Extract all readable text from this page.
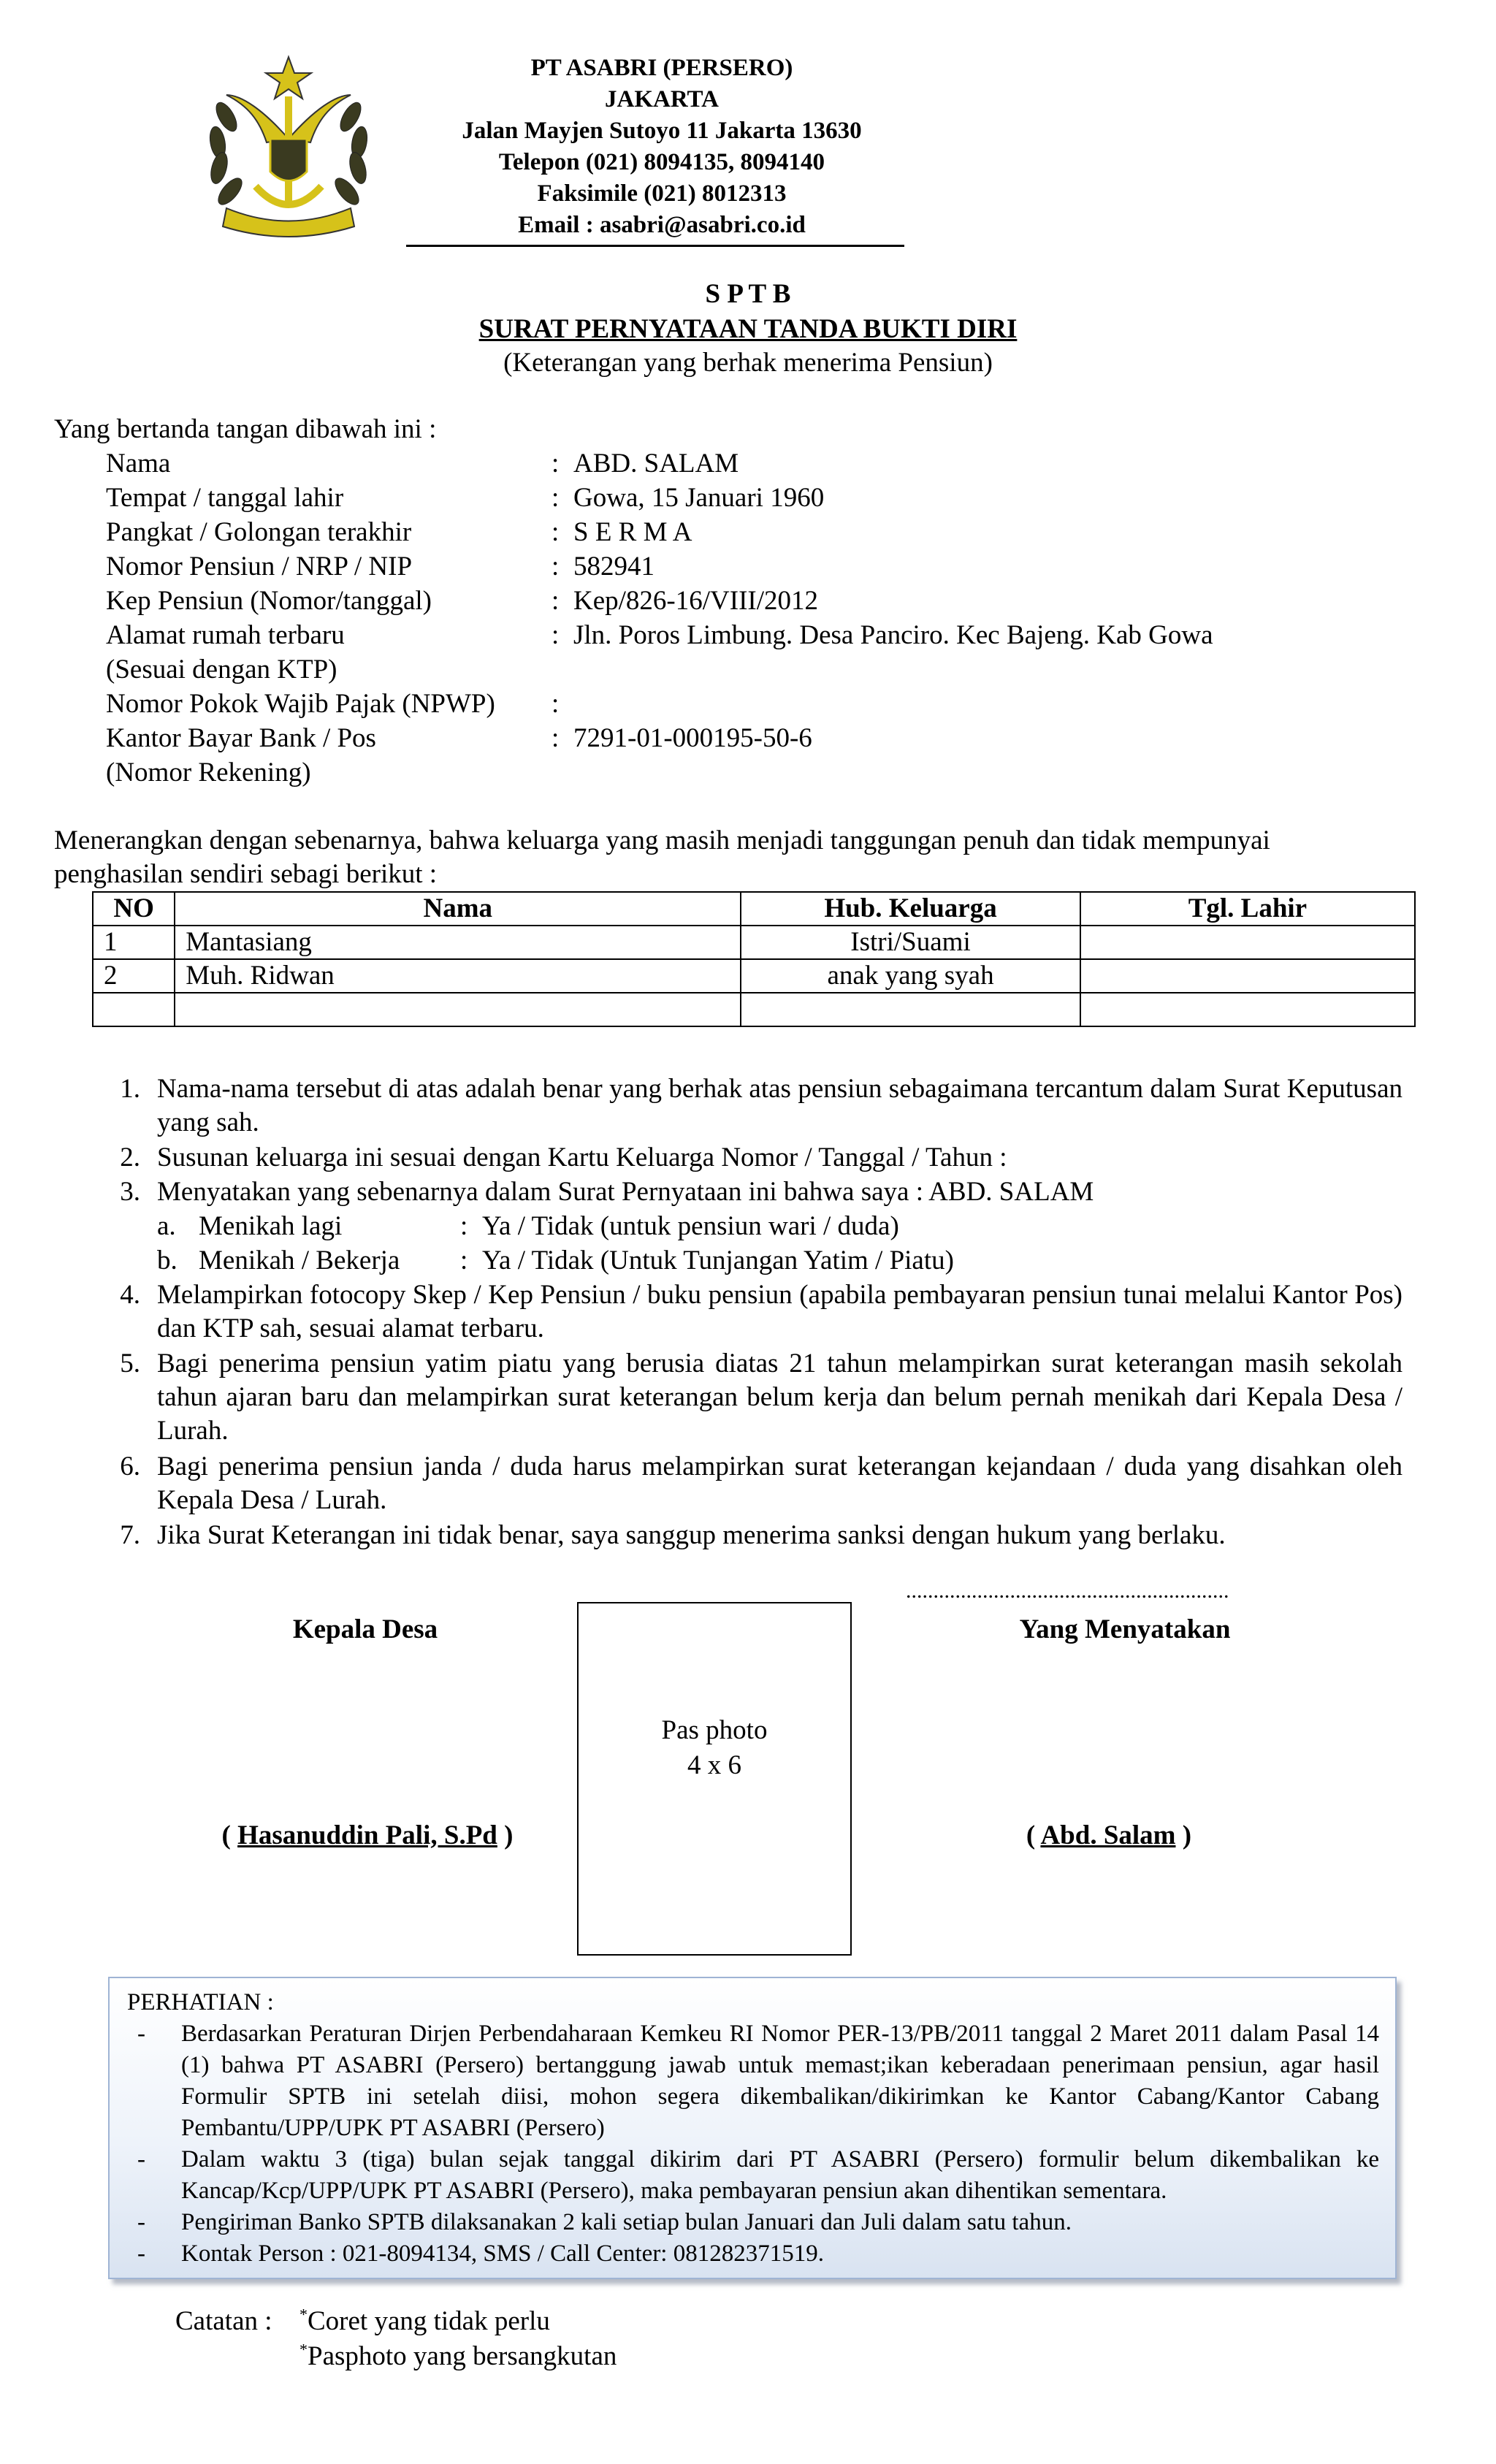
PT ASABRI (PERSERO)
JAKARTA
Jalan Mayjen Sutoyo 11 Jakarta 13630
Telepon (021) 8094135, 8094140
Faksimile (021) 8012313
Email : asabri@asabri.co.id
S P T B
SURAT PERNYATAAN TANDA BUKTI DIRI
(Keterangan yang berhak menerima Pensiun)
Yang bertanda tangan dibawah ini :
Nama	: ABD. SALAM
Tempat / tanggal lahir	: Gowa, 15 Januari 1960
Pangkat / Golongan terakhir	: S E R M A
Nomor Pensiun / NRP / NIP	: 582941
Kep Pensiun (Nomor/tanggal)	: Kep/826-16/VIII/2012
Alamat rumah terbaru	: Jln. Poros Limbung. Desa Panciro. Kec Bajeng. Kab Gowa
(Sesuai dengan KTP)
Nomor Pokok Wajib Pajak (NPWP) :
Kantor Bayar Bank / Pos	: 7291-01-000195-50-6
(Nomor Rekening)
Menerangkan dengan sebenarnya, bahwa keluarga yang masih menjadi tanggungan penuh dan tidak mempunyai
penghasilan sendiri sebagi berikut :
NO	Nama	Hub. Keluarga	Tgl. Lahir
1	Mantasiang	Istri/Suami	
2	Muh. Ridwan	anak yang syah	

1. Nama-nama tersebut di atas adalah benar yang berhak atas pensiun sebagaimana tercantum dalam Surat Keputusan yang sah.
2. Susunan keluarga ini sesuai dengan Kartu Keluarga Nomor / Tanggal / Tahun :
3. Menyatakan yang sebenarnya dalam Surat Pernyataan ini bahwa saya : ABD. SALAM
a. Menikah lagi	: Ya / Tidak (untuk pensiun wari / duda)
b. Menikah / Bekerja : Ya / Tidak (Untuk Tunjangan Yatim / Piatu)
4. Melampirkan fotocopy Skep / Kep Pensiun / buku pensiun (apabila pembayaran pensiun tunai melalui Kantor Pos) dan KTP sah, sesuai alamat terbaru.
5. Bagi penerima pensiun yatim piatu yang berusia diatas 21 tahun melampirkan surat keterangan masih sekolah tahun ajaran baru dan melampirkan surat keterangan belum kerja dan belum pernah menikah dari Kepala Desa / Lurah.
6. Bagi penerima pensiun janda / duda harus melampirkan surat keterangan kejandaan / duda yang disahkan oleh Kepala Desa / Lurah.
7. Jika Surat Keterangan ini tidak benar, saya sanggup menerima sanksi dengan hukum yang berlaku.
...........................................................
Kepala Desa	Yang Menyatakan
Pas photo
4 x 6
( Hasanuddin Pali, S.Pd )	( Abd. Salam )
PERHATIAN :
- Berdasarkan Peraturan Dirjen Perbendaharaan Kemkeu RI Nomor PER-13/PB/2011 tanggal 2 Maret 2011 dalam Pasal 14 (1) bahwa PT ASABRI (Persero) bertanggung jawab untuk memast;ikan keberadaan penerimaan pensiun, agar hasil Formulir SPTB ini setelah diisi, mohon segera dikembalikan/dikirimkan ke Kantor Cabang/Kantor Cabang Pembantu/UPP/UPK PT ASABRI (Persero)
- Dalam waktu 3 (tiga) bulan sejak tanggal dikirim dari PT ASABRI (Persero) formulir belum dikembalikan ke Kancap/Kcp/UPP/UPK PT ASABRI (Persero), maka pembayaran pensiun akan dihentikan sementara.
- Pengiriman Banko SPTB dilaksanakan 2 kali setiap bulan Januari dan Juli dalam satu tahun.
- Kontak Person : 021-8094134, SMS / Call Center: 081282371519.
Catatan : *Coret yang tidak perlu
*Pasphoto yang bersangkutan
